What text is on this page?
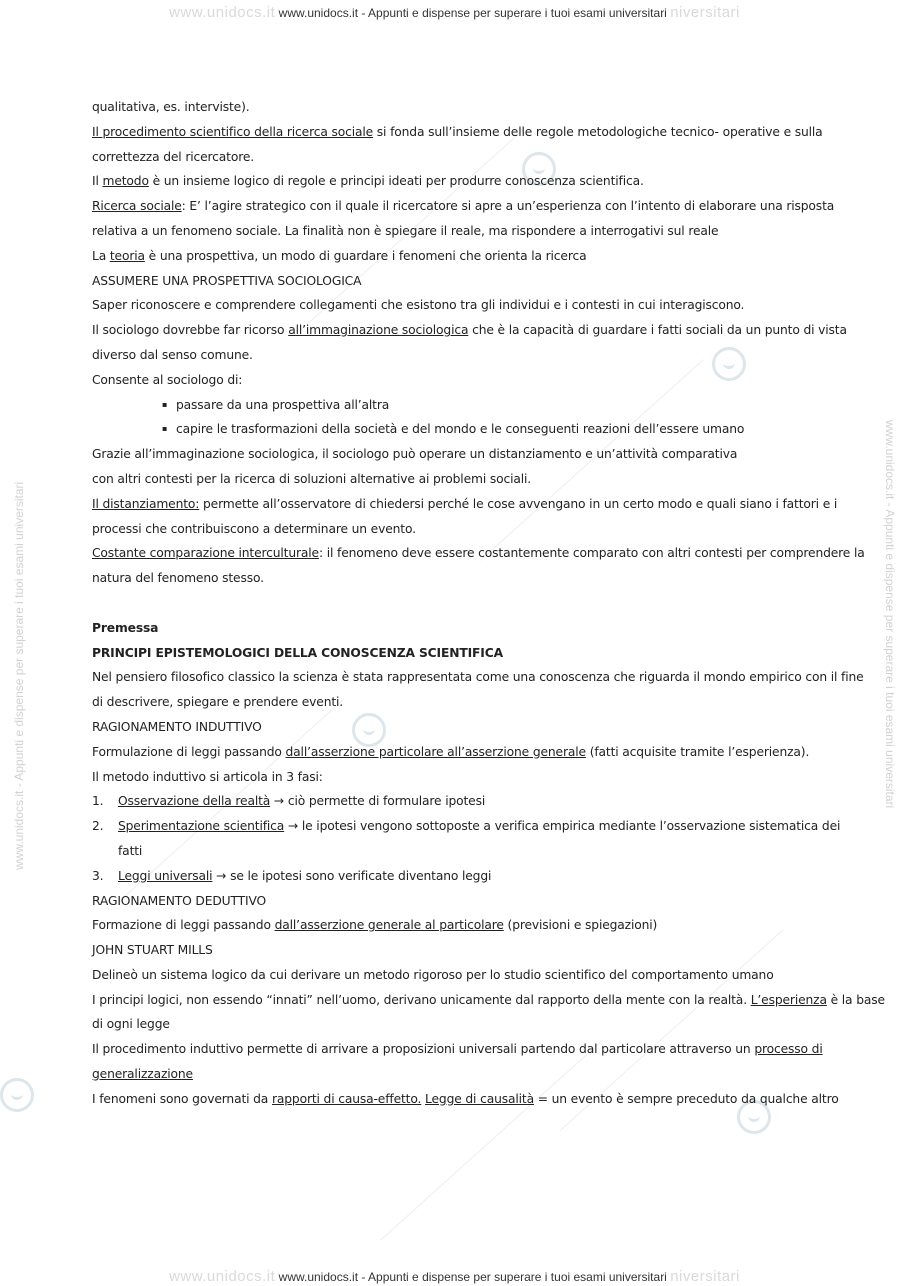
www.unidocs.it www.unidocs.it - Appunti e dispense per superare i tuoi esami universitari niversitari
www.unidocs.it - Appunti e dispense per superare i tuoi esami universitari	www.unidocs.it - Appunti e dispense per superare i tuoi esami universitari
qualitativa, es. interviste).
Il procedimento scientifico della ricerca sociale si fonda sull’insieme delle regole metodologiche tecnico- operative e sulla
correttezza del ricercatore.
Il metodo è un insieme logico di regole e principi ideati per produrre conoscenza scientifica.
Ricerca sociale: E’ l’agire strategico con il quale il ricercatore si apre a un’esperienza con l’intento di elaborare una risposta
relativa a un fenomeno sociale. La finalità non è spiegare il reale, ma rispondere a interrogativi sul reale
La teoria è una prospettiva, un modo di guardare i fenomeni che orienta la ricerca
ASSUMERE UNA PROSPETTIVA SOCIOLOGICA
Saper riconoscere e comprendere collegamenti che esistono tra gli individui e i contesti in cui interagiscono.
Il sociologo dovrebbe far ricorso all’immaginazione sociologica che è la capacità di guardare i fatti sociali da un punto di vista
diverso dal senso comune.
Consente al sociologo di:
▪ passare da una prospettiva all’altra
▪ capire le trasformazioni della società e del mondo e le conseguenti reazioni dell’essere umano
Grazie all’immaginazione sociologica, il sociologo può operare un distanziamento e un’attività comparativa
con altri contesti per la ricerca di soluzioni alternative ai problemi sociali.
Il distanziamento: permette all’osservatore di chiedersi perché le cose avvengano in un certo modo e quali siano i fattori e i
processi che contribuiscono a determinare un evento.
Costante comparazione interculturale: il fenomeno deve essere costantemente comparato con altri contesti per comprendere la
natura del fenomeno stesso.
Premessa
PRINCIPI EPISTEMOLOGICI DELLA CONOSCENZA SCIENTIFICA
Nel pensiero filosofico classico la scienza è stata rappresentata come una conoscenza che riguarda il mondo empirico con il fine
di descrivere, spiegare e prendere eventi.
RAGIONAMENTO INDUTTIVO
Formulazione di leggi passando dall’asserzione particolare all’asserzione generale (fatti acquisite tramite l’esperienza).
Il metodo induttivo si articola in 3 fasi:
1.	Osservazione della realtà → ciò permette di formulare ipotesi
2.	Sperimentazione scientifica → le ipotesi vengono sottoposte a verifica empirica mediante l’osservazione sistematica dei
fatti
3.	Leggi universali → se le ipotesi sono verificate diventano leggi
RAGIONAMENTO DEDUTTIVO
Formazione di leggi passando dall’asserzione generale al particolare (previsioni e spiegazioni)
JOHN STUART MILLS
Delineò un sistema logico da cui derivare un metodo rigoroso per lo studio scientifico del comportamento umano
I principi logici, non essendo “innati” nell’uomo, derivano unicamente dal rapporto della mente con la realtà. L’esperienza è la base
di ogni legge
Il procedimento induttivo permette di arrivare a proposizioni universali partendo dal particolare attraverso un processo di
generalizzazione
I fenomeni sono governati da rapporti di causa-effetto. Legge di causalità = un evento è sempre preceduto da qualche altro
www.unidocs.it www.unidocs.it - Appunti e dispense per superare i tuoi esami universitari niversitari
